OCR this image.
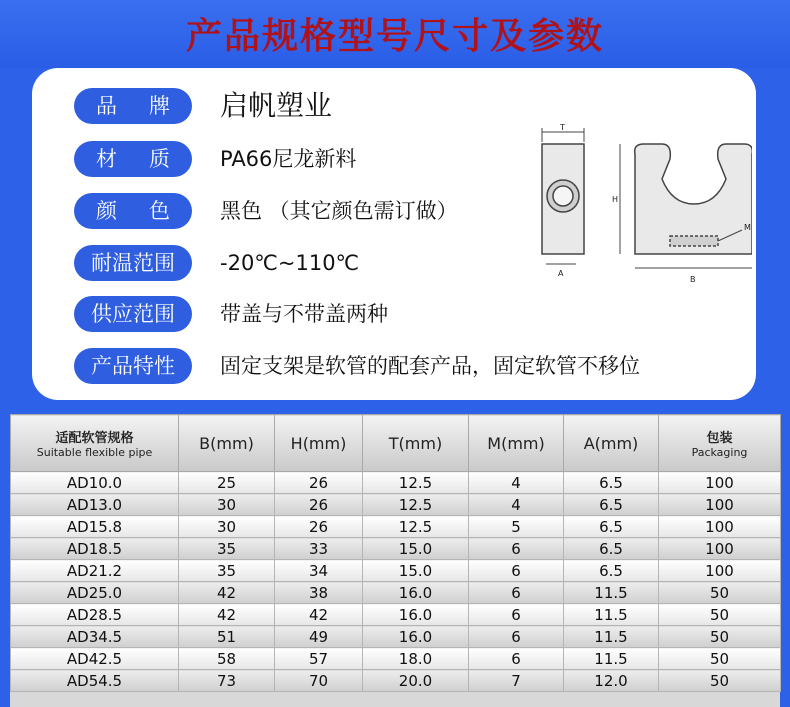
产品规格型号尺寸及参数
品 牌 启帆塑业
材 质 PA66尼龙新料
颜 色 黑色 （其它颜色需订做）
耐温范围	-20℃~110℃
供应范围	带盖与不带盖两种
产品特性	固定支架是软管的配套产品，固定软管不移位
T
A
H
B
M
适配软管规格
Suitable flexible pipe	B(mm)	H(mm)	T(mm)	M(mm)	A(mm)	包装
Packaging

AD10.0	25	26	12.5	4	6.5	100
AD13.0	30	26	12.5	4	6.5	100
AD15.8	30	26	12.5	5	6.5	100
AD18.5	35	33	15.0	6	6.5	100
AD21.2	35	34	15.0	6	6.5	100
AD25.0	42	38	16.0	6	11.5	50
AD28.5	42	42	16.0	6	11.5	50
AD34.5	51	49	16.0	6	11.5	50
AD42.5	58	57	18.0	6	11.5	50
AD54.5	73	70	20.0	7	12.0	50
